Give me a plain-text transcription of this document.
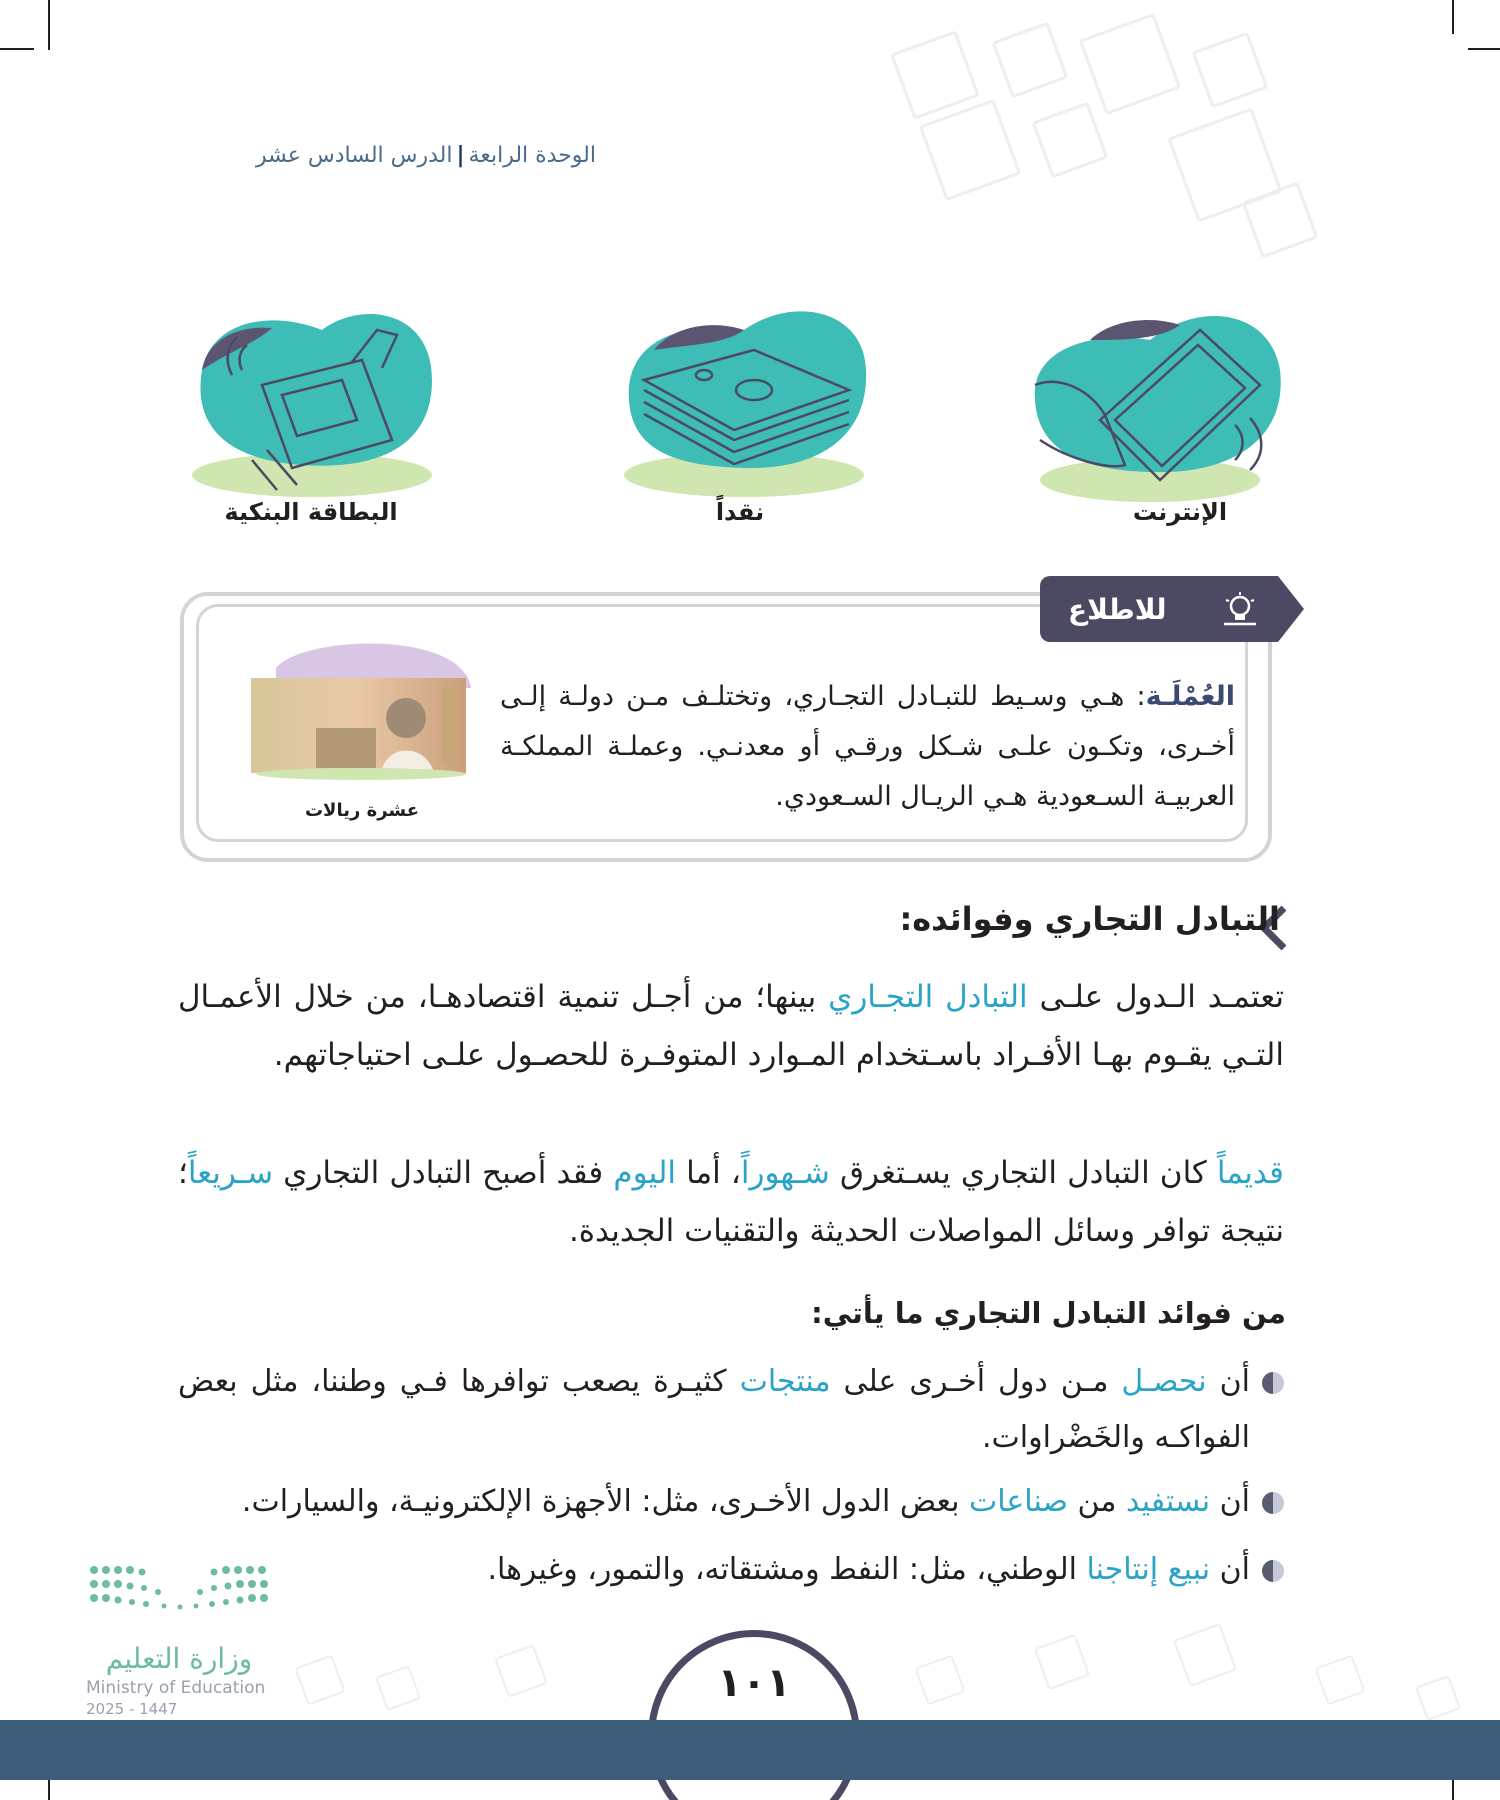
الوحدة الرابعة|الدرس السادس عشر
البطاقة البنكية	نقداً	الإنترنت
للاطلاع
العُمْلَـة: هـي وسـيط للتبـادل التجـاري، وتختلـف مـن دولـة إلـى أخـرى، وتكـون علـى شـكل ورقـي أو معدنـي. وعملـة المملكـة العربيـة السـعودية هـي الريـال السـعودي.
عشرة ريالات
التبادل التجاري وفوائده:
تعتمـد الـدول علـى التبادل التجـاري بينها؛ من أجـل تنمية اقتصادهـا، من خلال الأعمـال التـي يقـوم بهـا الأفـراد باسـتخدام المـوارد المتوفـرة للحصـول علـى احتياجاتهم.
قديماً كان التبادل التجاري يسـتغرق شـهوراً، أما اليوم فقد أصبح التبادل التجاري سـريعاً؛ نتيجة توافر وسائل المواصلات الحديثة والتقنيات الجديدة.
من فوائد التبادل التجاري ما يأتي:
أن نحصـل مـن دول أخـرى على منتجات كثيـرة يصعب توافرها فـي وطننا، مثل بعض الفواكـه والخَضْراوات.
أن نستفيد من صناعات بعض الدول الأخـرى، مثل: الأجهزة الإلكترونيـة، والسيارات.
أن نبيع إنتاجنا الوطني، مثل: النفط ومشتقاته، والتمور، وغيرها.
وزارة التعليم
Ministry of Education
2025 - 1447
١٠١
